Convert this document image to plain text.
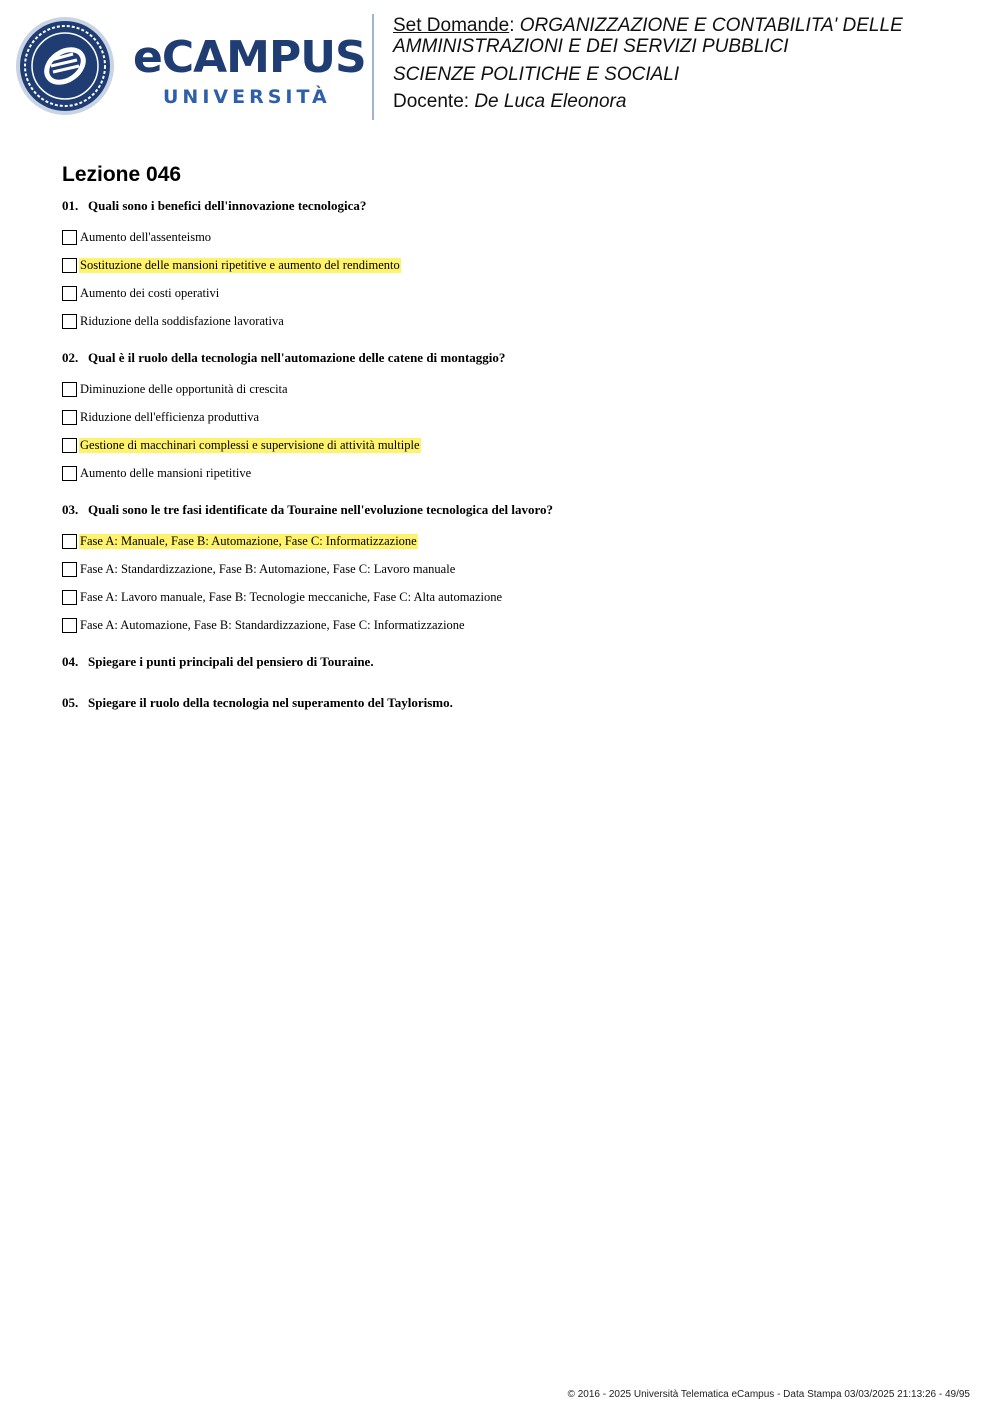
eCAMPUS
UNIVERSITÀ
Set Domande: ORGANIZZAZIONE E CONTABILITA' DELLE AMMINISTRAZIONI E DEI SERVIZI PUBBLICI
SCIENZE POLITICHE E SOCIALI
Docente: De Luca Eleonora
Lezione 046
01. Quali sono i benefici dell'innovazione tecnologica?
Aumento dell'assenteismo
Sostituzione delle mansioni ripetitive e aumento del rendimento
Aumento dei costi operativi
Riduzione della soddisfazione lavorativa
02. Qual è il ruolo della tecnologia nell'automazione delle catene di montaggio?
Diminuzione delle opportunità di crescita
Riduzione dell'efficienza produttiva
Gestione di macchinari complessi e supervisione di attività multiple
Aumento delle mansioni ripetitive
03. Quali sono le tre fasi identificate da Touraine nell'evoluzione tecnologica del lavoro?
Fase A: Manuale, Fase B: Automazione, Fase C: Informatizzazione
Fase A: Standardizzazione, Fase B: Automazione, Fase C: Lavoro manuale
Fase A: Lavoro manuale, Fase B: Tecnologie meccaniche, Fase C: Alta automazione
Fase A: Automazione, Fase B: Standardizzazione, Fase C: Informatizzazione
04. Spiegare i punti principali del pensiero di Touraine.
05. Spiegare il ruolo della tecnologia nel superamento del Taylorismo.
© 2016 - 2025 Università Telematica eCampus - Data Stampa 03/03/2025 21:13:26 - 49/95
